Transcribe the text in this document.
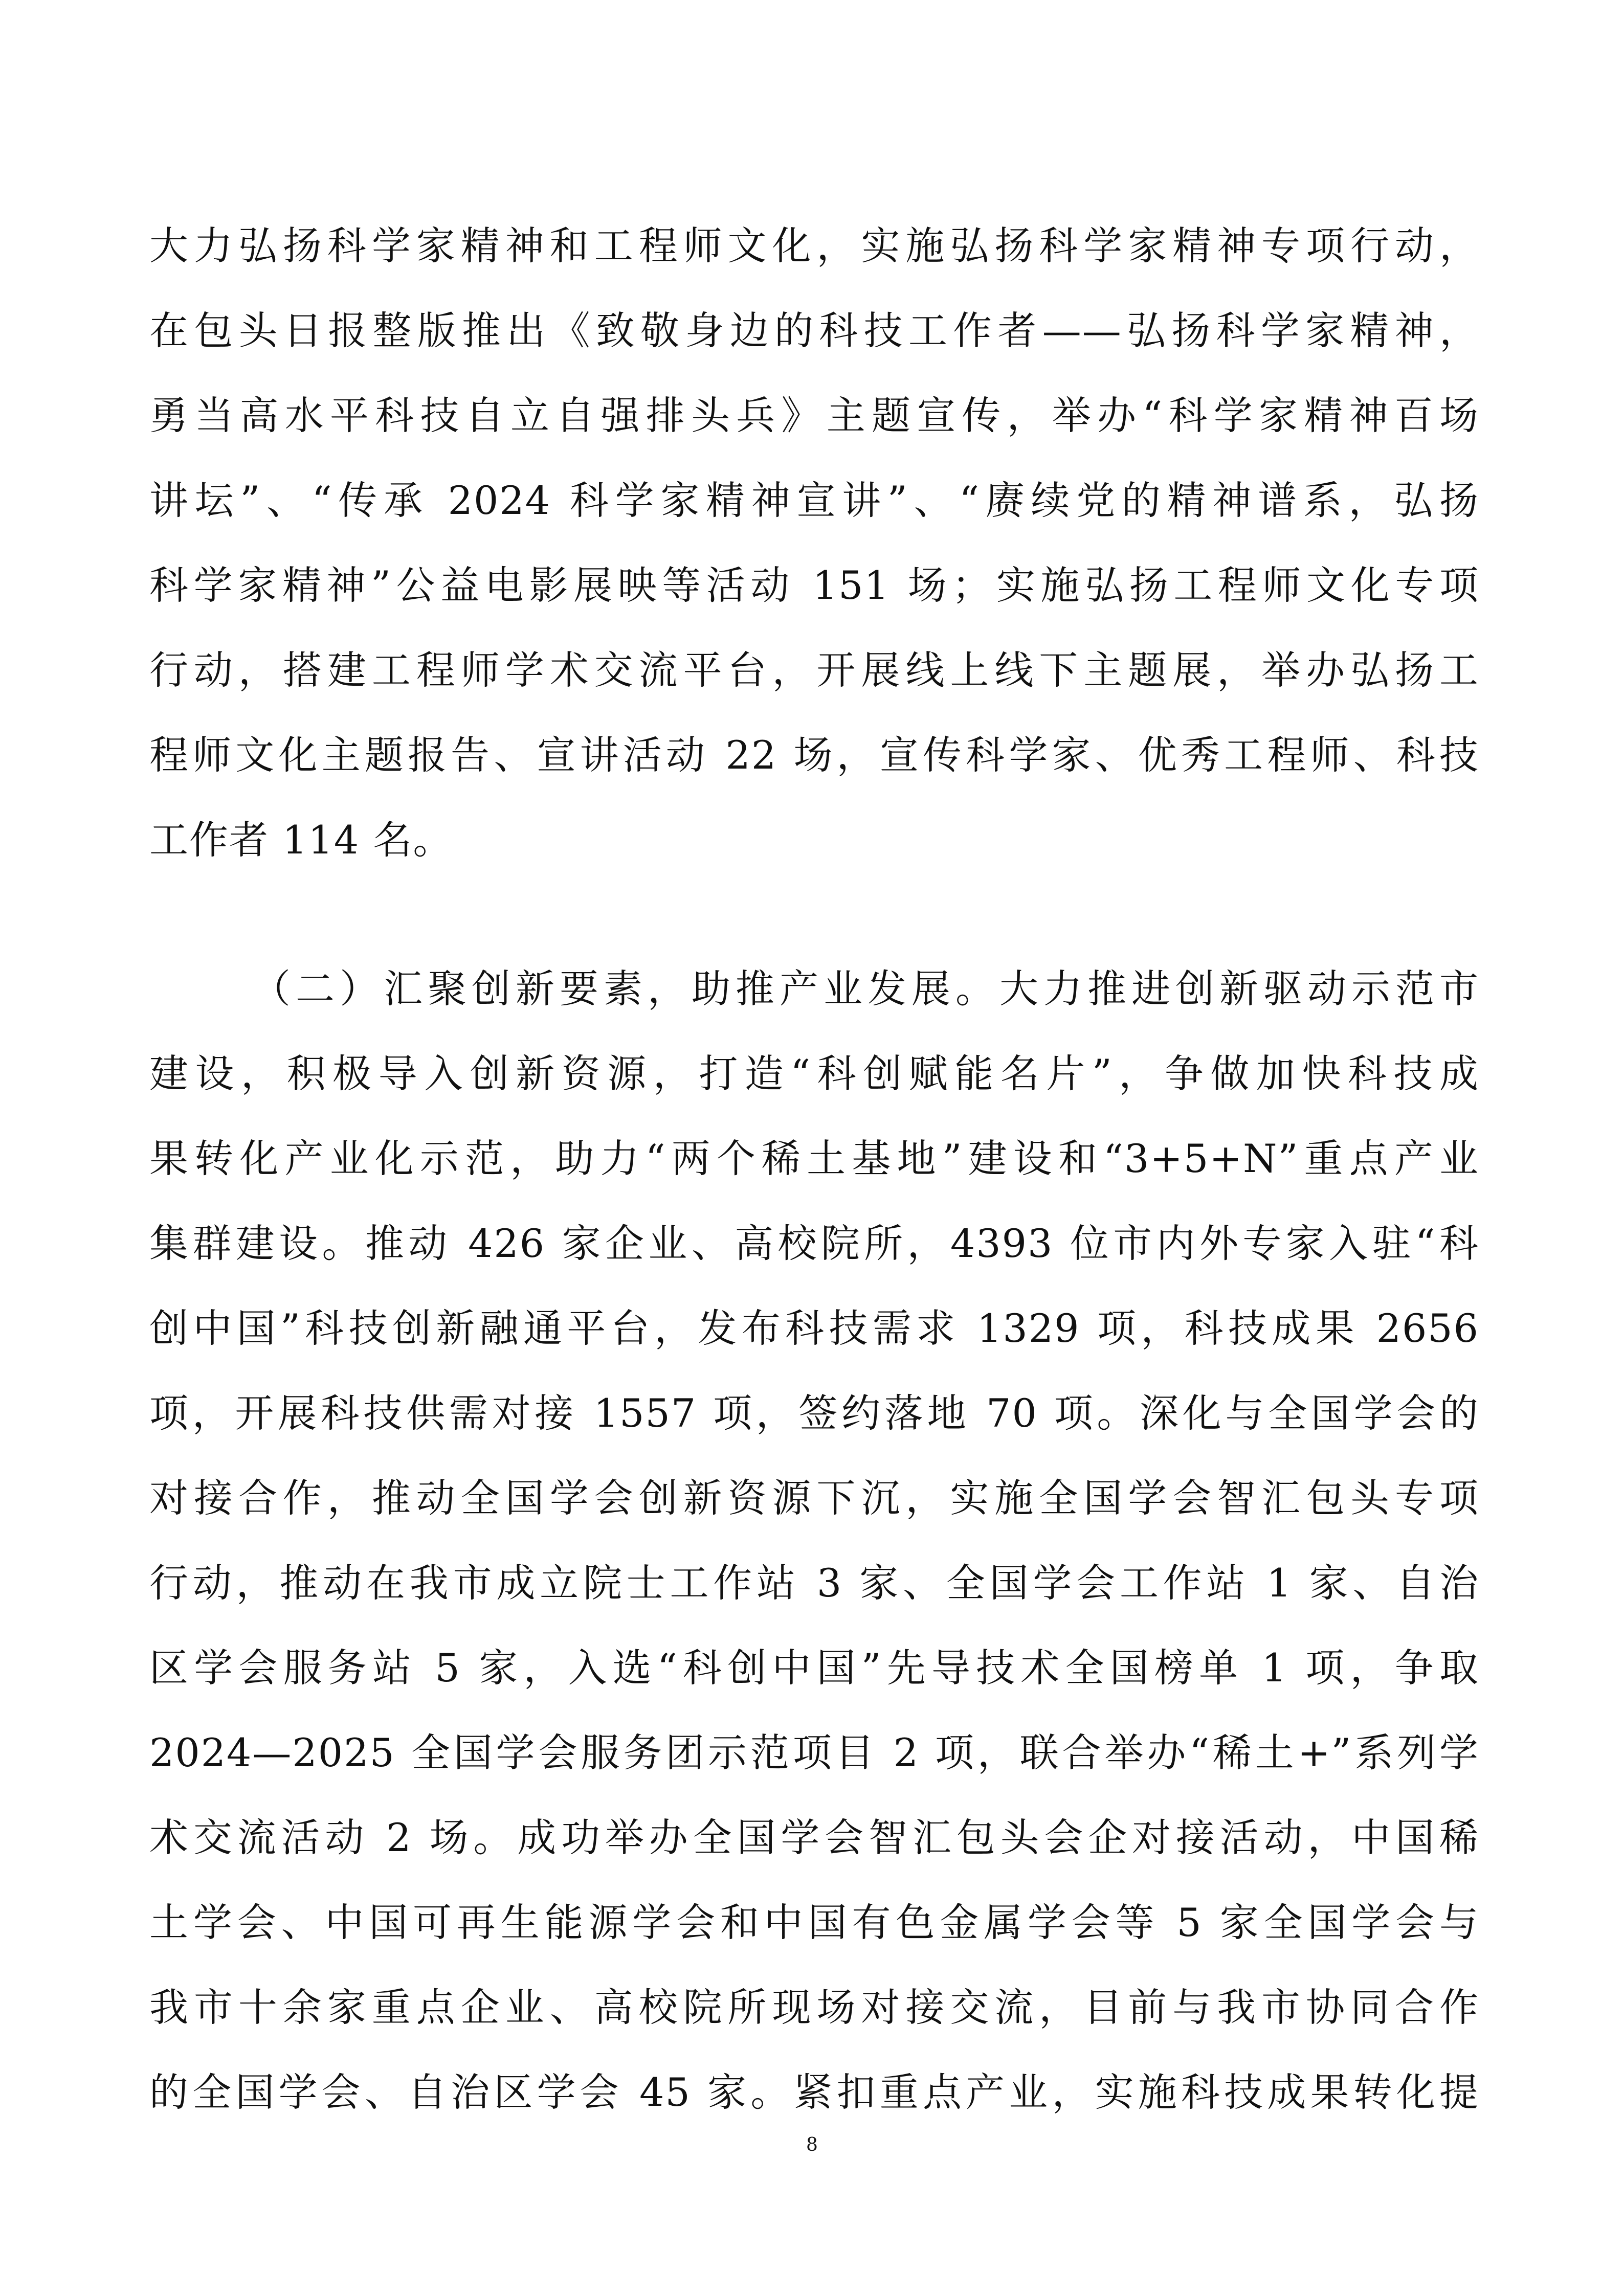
大力弘扬科学家精神和工程师文化，实施弘扬科学家精神专项行动，
在包头日报整版推出《致敬身边的科技工作者——弘扬科学家精神，
勇当高水平科技自立自强排头兵》主题宣传，举办“科学家精神百场
讲坛”、“传承 2024 科学家精神宣讲”、“赓续党的精神谱系，弘扬
科学家精神”公益电影展映等活动 151 场；实施弘扬工程师文化专项
行动，搭建工程师学术交流平台，开展线上线下主题展，举办弘扬工
程师文化主题报告、宣讲活动 22 场，宣传科学家、优秀工程师、科技
工作者 114 名。
（二）汇聚创新要素，助推产业发展。大力推进创新驱动示范市
建设，积极导入创新资源，打造“科创赋能名片”，争做加快科技成
果转化产业化示范，助力“两个稀土基地”建设和“3+5+N”重点产业
集群建设。推动 426 家企业、高校院所，4393 位市内外专家入驻“科
创中国”科技创新融通平台，发布科技需求 1329 项，科技成果 2656
项，开展科技供需对接 1557 项，签约落地 70 项。深化与全国学会的
对接合作，推动全国学会创新资源下沉，实施全国学会智汇包头专项
行动，推动在我市成立院士工作站 3 家、全国学会工作站 1 家、自治
区学会服务站 5 家，入选“科创中国”先导技术全国榜单 1 项，争取
2024—2025 全国学会服务团示范项目 2 项，联合举办“稀土+”系列学
术交流活动 2 场。成功举办全国学会智汇包头会企对接活动，中国稀
土学会、中国可再生能源学会和中国有色金属学会等 5 家全国学会与
我市十余家重点企业、高校院所现场对接交流，目前与我市协同合作
的全国学会、自治区学会 45 家。紧扣重点产业，实施科技成果转化提
8
